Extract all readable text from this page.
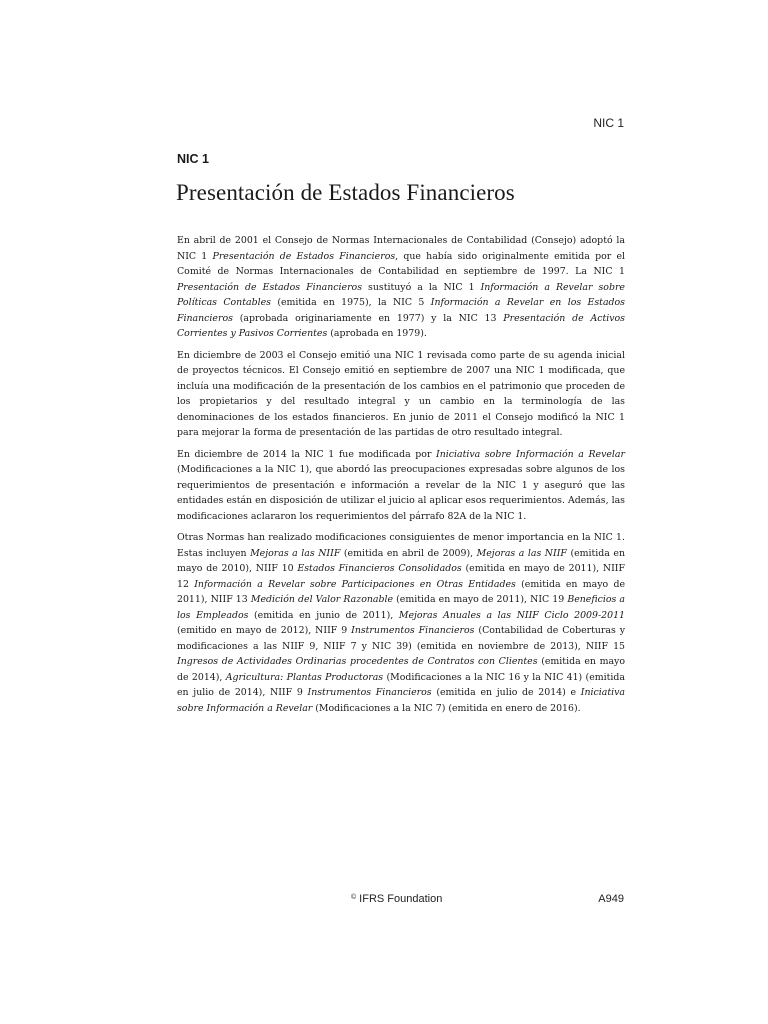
NIC 1
NIC 1
Presentación de Estados Financieros

En abril de 2001 el Consejo de Normas Internacionales de Contabilidad (Consejo) adoptó la NIC 1 Presentación de Estados Financieros, que había sido originalmente emitida por el Comité de Normas Internacionales de Contabilidad en septiembre de 1997. La NIC 1 Presentación de Estados Financieros sustituyó a la NIC 1 Información a Revelar sobre Políticas Contables (emitida en 1975), la NIC 5 Información a Revelar en los Estados Financieros (aprobada originariamente en 1977) y la NIC 13 Presentación de Activos Corrientes y Pasivos Corrientes (aprobada en 1979).

En diciembre de 2003 el Consejo emitió una NIC 1 revisada como parte de su agenda inicial de proyectos técnicos. El Consejo emitió en septiembre de 2007 una NIC 1 modificada, que incluía una modificación de la presentación de los cambios en el patrimonio que proceden de los propietarios y del resultado integral y un cambio en la terminología de las denominaciones de los estados financieros. En junio de 2011 el Consejo modificó la NIC 1 para mejorar la forma de presentación de las partidas de otro resultado integral.

En diciembre de 2014 la NIC 1 fue modificada por Iniciativa sobre Información a Revelar (Modificaciones a la NIC 1), que abordó las preocupaciones expresadas sobre algunos de los requerimientos de presentación e información a revelar de la NIC 1 y aseguró que las entidades están en disposición de utilizar el juicio al aplicar esos requerimientos. Además, las modificaciones aclararon los requerimientos del párrafo 82A de la NIC 1.

Otras Normas han realizado modificaciones consiguientes de menor importancia en la NIC 1. Estas incluyen Mejoras a las NIIF (emitida en abril de 2009), Mejoras a las NIIF (emitida en mayo de 2010), NIIF 10 Estados Financieros Consolidados (emitida en mayo de 2011), NIIF 12 Información a Revelar sobre Participaciones en Otras Entidades (emitida en mayo de 2011), NIIF 13 Medición del Valor Razonable (emitida en mayo de 2011), NIC 19 Beneficios a los Empleados (emitida en junio de 2011), Mejoras Anuales a las NIIF Ciclo 2009-2011 (emitido en mayo de 2012), NIIF 9 Instrumentos Financieros (Contabilidad de Coberturas y modificaciones a las NIIF 9, NIIF 7 y NIC 39) (emitida en noviembre de 2013), NIIF 15 Ingresos de Actividades Ordinarias procedentes de Contratos con Clientes (emitida en mayo de 2014), Agricultura: Plantas Productoras (Modificaciones a la NIC 16 y la NIC 41) (emitida en julio de 2014), NIIF 9 Instrumentos Financieros (emitida en julio de 2014) e Iniciativa sobre Información a Revelar (Modificaciones a la NIC 7) (emitida en enero de 2016).

© IFRS Foundation	A949
